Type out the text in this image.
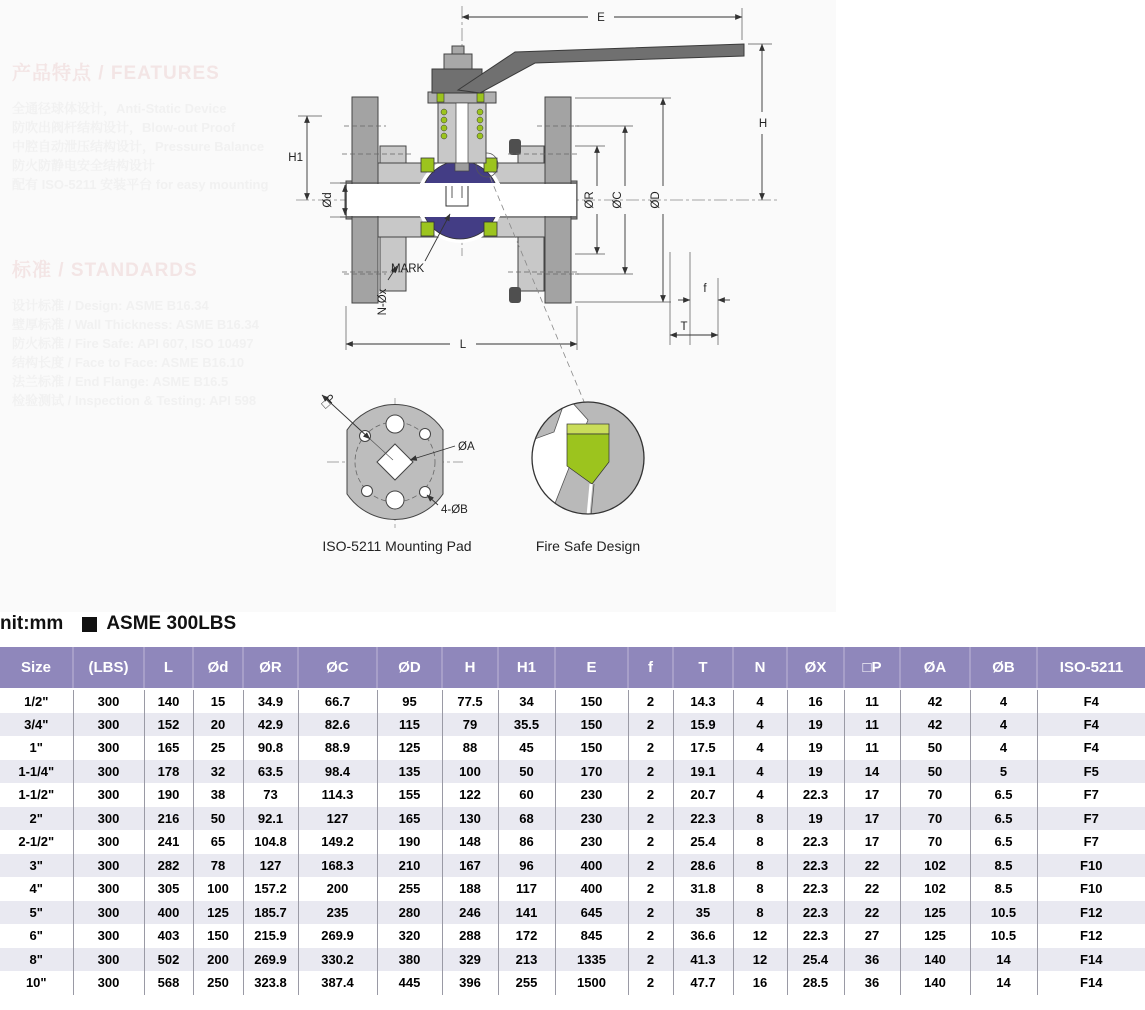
产品特点 / FEATURES
全通径球体设计，Anti-Static Device
防吹出阀杆结构设计，Blow-out Proof
中腔自动泄压结构设计，Pressure Balance
防火防静电安全结构设计
配有 ISO-5211 安装平台 for easy mounting
标准 / STANDARDS
设计标准 / Design: ASME B16.34
壁厚标准 / Wall Thickness: ASME B16.34
防火标准 / Fire Safe: API 607, ISO 10497
结构长度 / Face to Face: ASME B16.10
法兰标准 / End Flange: ASME B16.5
检验测试 / Inspection & Testing: API 598
E
H
H1
Ød	ØR ØC ØD
f
T
L
N-Øx
MARK
□P
ØA
4-ØB
ISO-5211 Mounting Pad	Fire Safe Design
nit:mm ASME 300LBS
Size	(LBS)	L	Ød	ØR	ØC	ØD	H	H1	E	f	T	N	ØX	□P	ØA	ØB	ISO-5211
1/2"	300	140	15	34.9	66.7	95	77.5	34	150	2	14.3	4	16	11	42	4	F4
3/4"	300	152	20	42.9	82.6	115	79	35.5	150	2	15.9	4	19	11	42	4	F4
1"	300	165	25	90.8	88.9	125	88	45	150	2	17.5	4	19	11	50	4	F4
1-1/4"	300	178	32	63.5	98.4	135	100	50	170	2	19.1	4	19	14	50	5	F5
1-1/2"	300	190	38	73	114.3	155	122	60	230	2	20.7	4	22.3	17	70	6.5	F7
2"	300	216	50	92.1	127	165	130	68	230	2	22.3	8	19	17	70	6.5	F7
2-1/2"	300	241	65	104.8	149.2	190	148	86	230	2	25.4	8	22.3	17	70	6.5	F7
3"	300	282	78	127	168.3	210	167	96	400	2	28.6	8	22.3	22	102	8.5	F10
4"	300	305	100	157.2	200	255	188	117	400	2	31.8	8	22.3	22	102	8.5	F10
5"	300	400	125	185.7	235	280	246	141	645	2	35	8	22.3	22	125	10.5	F12
6"	300	403	150	215.9	269.9	320	288	172	845	2	36.6	12	22.3	27	125	10.5	F12
8"	300	502	200	269.9	330.2	380	329	213	1335	2	41.3	12	25.4	36	140	14	F14
10"	300	568	250	323.8	387.4	445	396	255	1500	2	47.7	16	28.5	36	140	14	F14
